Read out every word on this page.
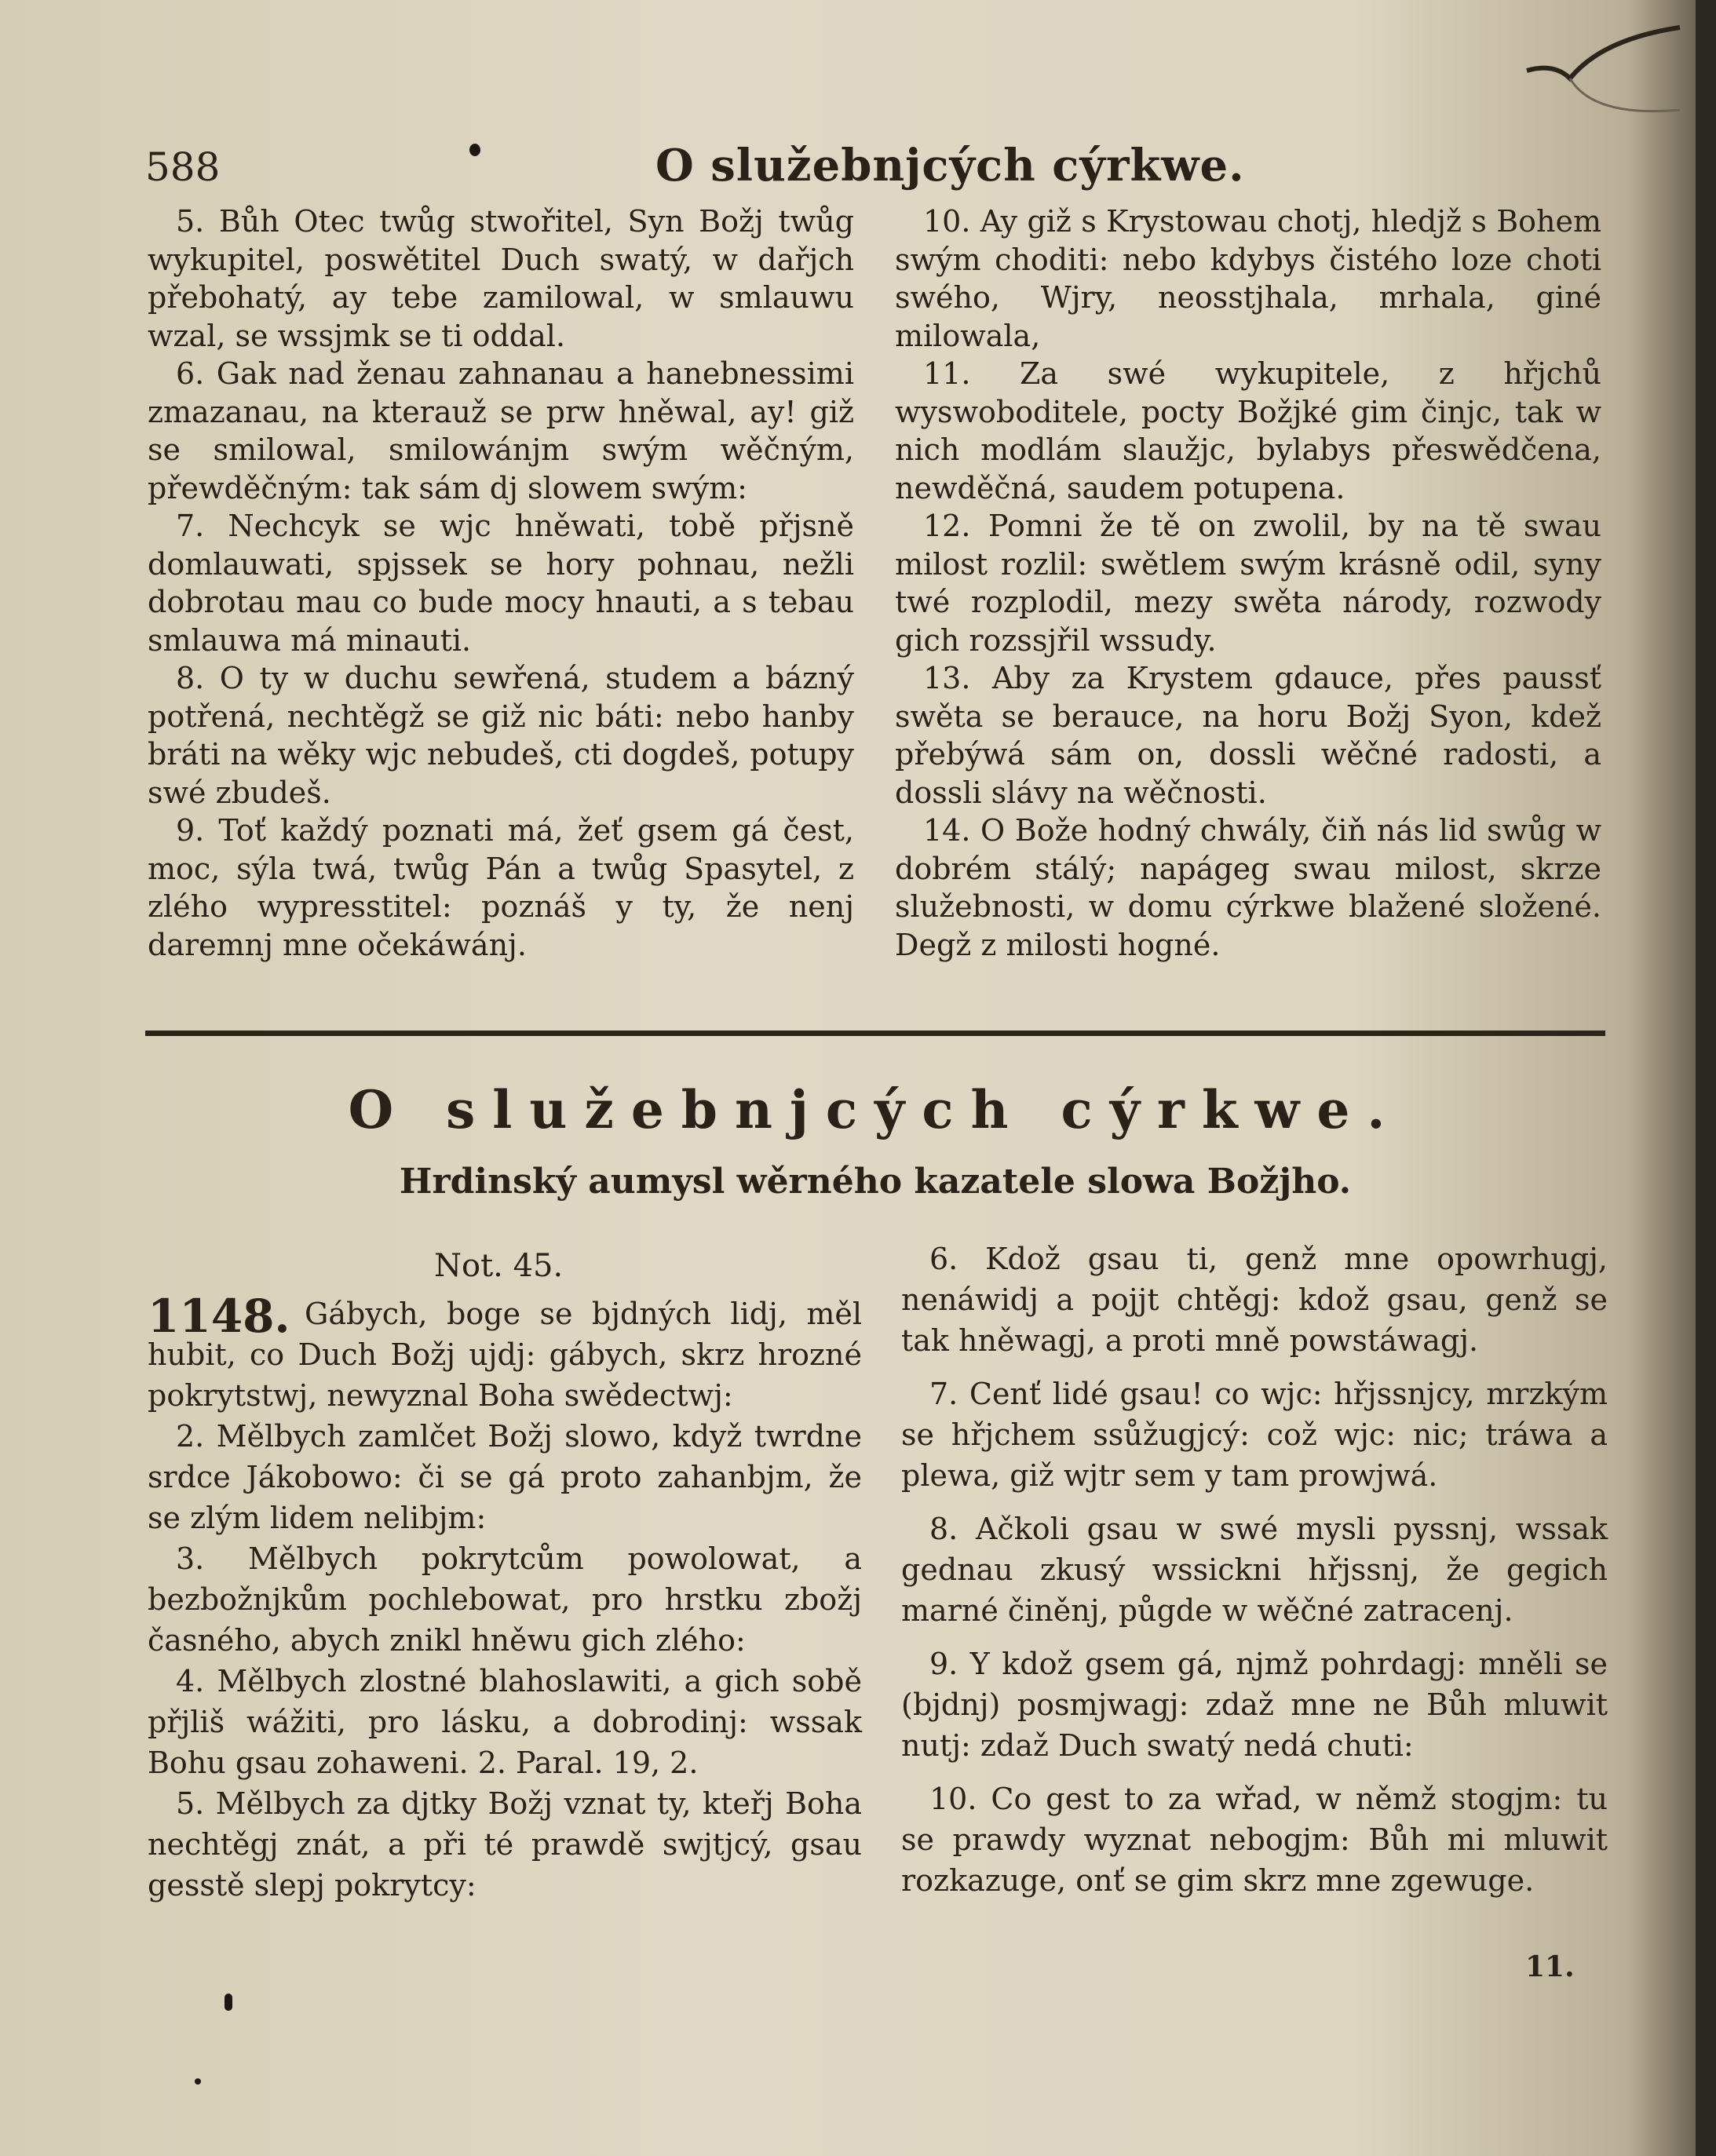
588	O služebnjcých cýrkwe.

5. Bůh Otec twůg stwořitel, Syn Božj twůg wykupitel, poswětitel Duch swatý, w dařjch přebohatý, ay tebe zamilowal, w smlauwu wzal, se wssjmk se ti oddal.

6. Gak nad ženau zahnanau a hanebnessimi zmazanau, na kterauž se prw hněwal, ay! giž se smilowal, smilowánjm swým wěčným, přewděčným: tak sám dj slowem swým:

7. Nechcyk se wjc hněwati, tobě přjsně domlauwati, spjssek se hory pohnau, nežli dobrotau mau co bude mocy hnauti, a s tebau smlauwa má minauti.

8. O ty w duchu sewřená, studem a bázný potřená, nechtěgž se giž nic báti: nebo hanby bráti na wěky wjc nebudeš, cti dogdeš, potupy swé zbudeš.

9. Toť každý poznati má, žeť gsem gá čest, moc, sýla twá, twůg Pán a twůg Spasytel, z zlého wypresstitel: poznáš y ty, že nenj daremnj mne očekáwánj.

10. Ay giž s Krystowau chotj, hledjž s Bohem swým choditi: nebo kdybys čistého loze choti swého, Wjry, neosstjhala, mrhala, giné milowala,

11. Za swé wykupitele, z hřjchů wyswoboditele, pocty Božjké gim činjc, tak w nich modlám slaužjc, bylabys přeswědčena, newděčná, saudem potupena.

12. Pomni že tě on zwolil, by na tě swau milost rozlil: swětlem swým krásně odil, syny twé rozplodil, mezy swěta národy, rozwody gich rozssjřil wssudy.

13. Aby za Krystem gdauce, přes paussť swěta se berauce, na horu Božj Syon, kdež přebýwá sám on, dossli wěčné radosti, a dossli slávy na wěčnosti.

14. O Bože hodný chwály, čiň nás lid swůg w dobrém stálý; napágeg swau milost, skrze služebnosti, w domu cýrkwe blažené složené. Degž z milosti hogné.

O služebnjcých cýrkwe.
Hrdinský aumysl wěrného kazatele slowa Božjho.
Not. 45.
1148. Gábych, boge se bjdných lidj, měl hubit, co Duch Božj ujdj: gábych, skrz hrozné pokrytstwj, newyznal Boha swědectwj:

2. Mělbych zamlčet Božj slowo, když twrdne srdce Jákobowo: či se gá proto zahanbjm, že se zlým lidem nelibjm:

3. Mělbych pokrytcům powolowat, a bezbožnjkům pochlebowat, pro hrstku zbožj časného, abych znikl hněwu gich zlého:

4. Mělbych zlostné blahoslawiti, a gich sobě přjliš wážiti, pro lásku, a dobrodinj: wssak Bohu gsau zohaweni. 2. Paral. 19, 2.

5. Mělbych za djtky Božj vznat ty, kteřj Boha nechtěgj znát, a při té prawdě swjtjcý, gsau gesstě slepj pokrytcy:

6. Kdož gsau ti, genž mne opowrhugj, nenáwidj a pojjt chtěgj: kdož gsau, genž se tak hněwagj, a proti mně powstáwagj.

7. Cenť lidé gsau! co wjc: hřjssnjcy, mrzkým se hřjchem ssůžugjcý: což wjc: nic; tráwa a plewa, giž wjtr sem y tam prowjwá.

8. Ačkoli gsau w swé mysli pyssnj, wssak gednau zkusý wssickni hřjssnj, že gegich marné činěnj, půgde w wěčné zatracenj.

9. Y kdož gsem gá, njmž pohrdagj: mněli se (bjdnj) posmjwagj: zdaž mne ne Bůh mluwit nutj: zdaž Duch swatý nedá chuti:

10. Co gest to za wřad, w němž stogjm: tu se prawdy wyznat nebogjm: Bůh mi mluwit rozkazuge, onť se gim skrz mne zgewuge.

11.
